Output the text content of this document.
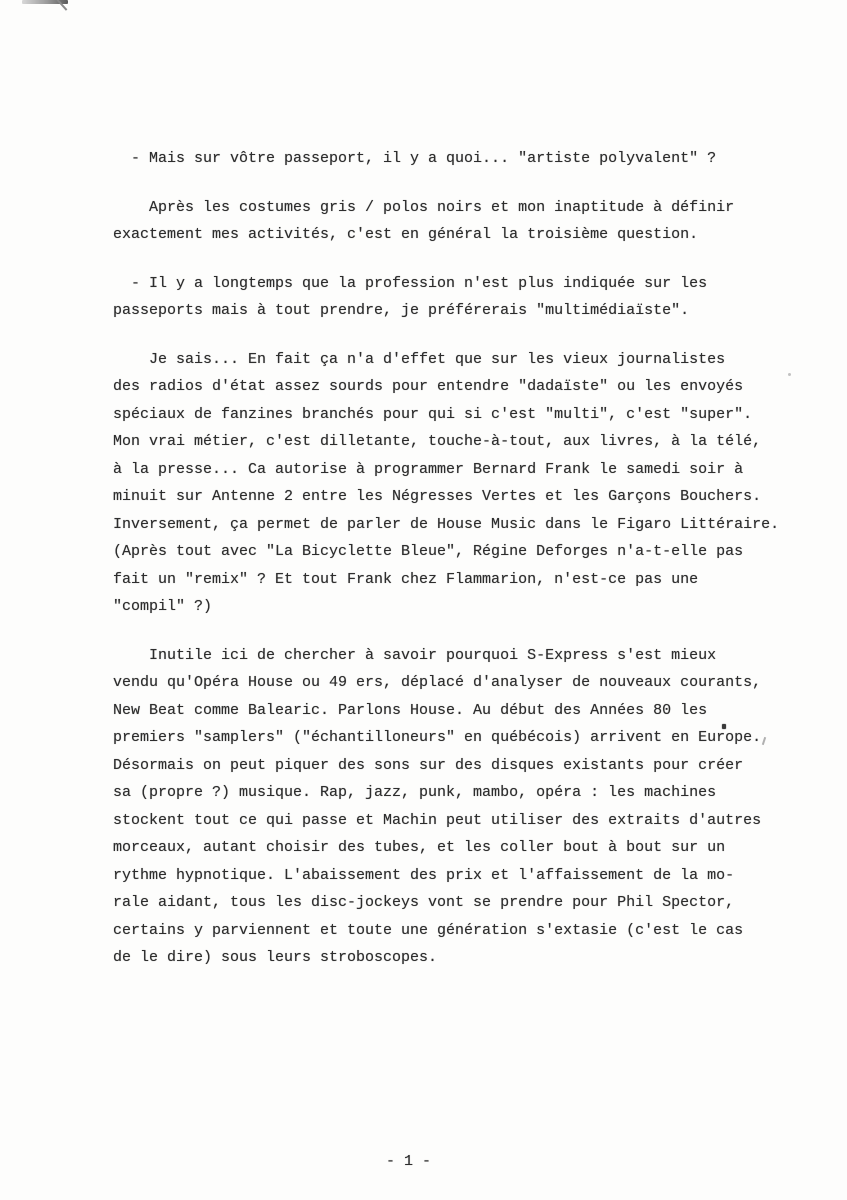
- Mais sur vôtre passeport, il y a quoi... "artiste polyvalent" ?
Après les costumes gris / polos noirs et mon inaptitude à définir
exactement mes activités, c'est en général la troisième question.
- Il y a longtemps que la profession n'est plus indiquée sur les
passeports mais à tout prendre, je préférerais "multimédiaïste".
Je sais... En fait ça n'a d'effet que sur les vieux journalistes
des radios d'état assez sourds pour entendre "dadaïste" ou les envoyés
spéciaux de fanzines branchés pour qui si c'est "multi", c'est "super".
Mon vrai métier, c'est dilletante, touche-à-tout, aux livres, à la télé,
à la presse... Ca autorise à programmer Bernard Frank le samedi soir à
minuit sur Antenne 2 entre les Négresses Vertes et les Garçons Bouchers.
Inversement, ça permet de parler de House Music dans le Figaro Littéraire.
(Après tout avec "La Bicyclette Bleue", Régine Deforges n'a-t-elle pas
fait un "remix" ? Et tout Frank chez Flammarion, n'est-ce pas une
"compil" ?)
Inutile ici de chercher à savoir pourquoi S-Express s'est mieux
vendu qu'Opéra House ou 49 ers, déplacé d'analyser de nouveaux courants,
New Beat comme Balearic. Parlons House. Au début des Années 80 les
premiers "samplers" ("échantilloneurs" en québécois) arrivent en Europe.
Désormais on peut piquer des sons sur des disques existants pour créer
sa (propre ?) musique. Rap, jazz, punk, mambo, opéra : les machines
stockent tout ce qui passe et Machin peut utiliser des extraits d'autres
morceaux, autant choisir des tubes, et les coller bout à bout sur un
rythme hypnotique. L'abaissement des prix et l'affaissement de la mo-
rale aidant, tous les disc-jockeys vont se prendre pour Phil Spector,
certains y parviennent et toute une génération s'extasie (c'est le cas
de le dire) sous leurs stroboscopes.
- 1 -
